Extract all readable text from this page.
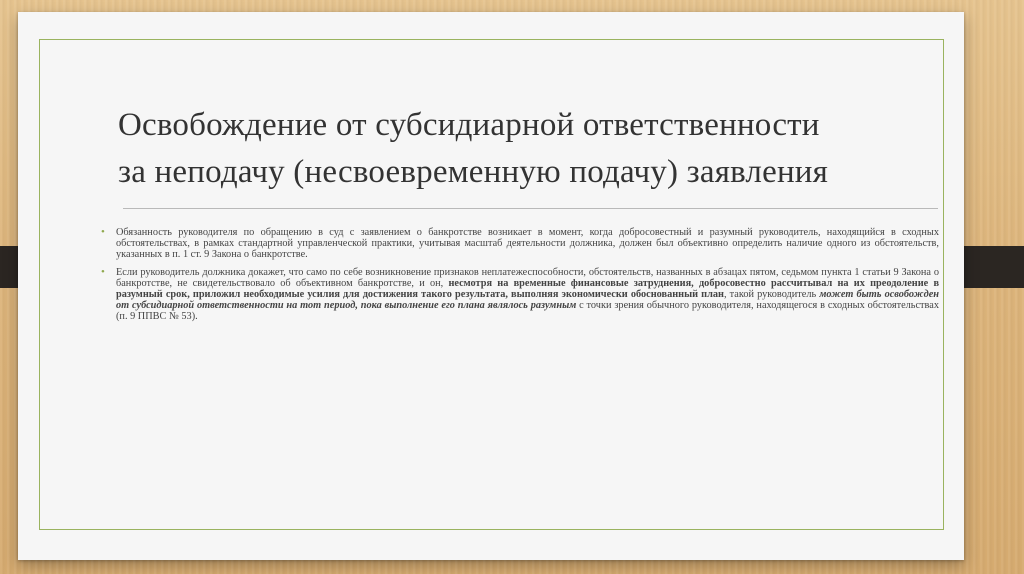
Освобождение от субсидиарной ответственности
за неподачу (несвоевременную подачу) заявления
• Обязанность руководителя по обращению в суд с заявлением о банкротстве возникает в момент, когда добросовестный и разумный руководитель, находящийся в сходных обстоятельствах, в рамках стандартной управленческой практики, учитывая масштаб деятельности должника, должен был объективно определить наличие одного из обстоятельств, указанных в п. 1 ст. 9 Закона о банкротстве.
• Если руководитель должника докажет, что само по себе возникновение признаков неплатежеспособности, обстоятельств, названных в абзацах пятом, седьмом пункта 1 статьи 9 Закона о банкротстве, не свидетельствовало об объективном банкротстве, и он, несмотря на временные финансовые затруднения, добросовестно рассчитывал на их преодоление в разумный срок, приложил необходимые усилия для достижения такого результата, выполняя экономически обоснованный план, такой руководитель может быть освобожден от субсидиарной ответственности на тот период, пока выполнение его плана являлось разумным с точки зрения обычного руководителя, находящегося в сходных обстоятельствах (п. 9 ППВС № 53).
